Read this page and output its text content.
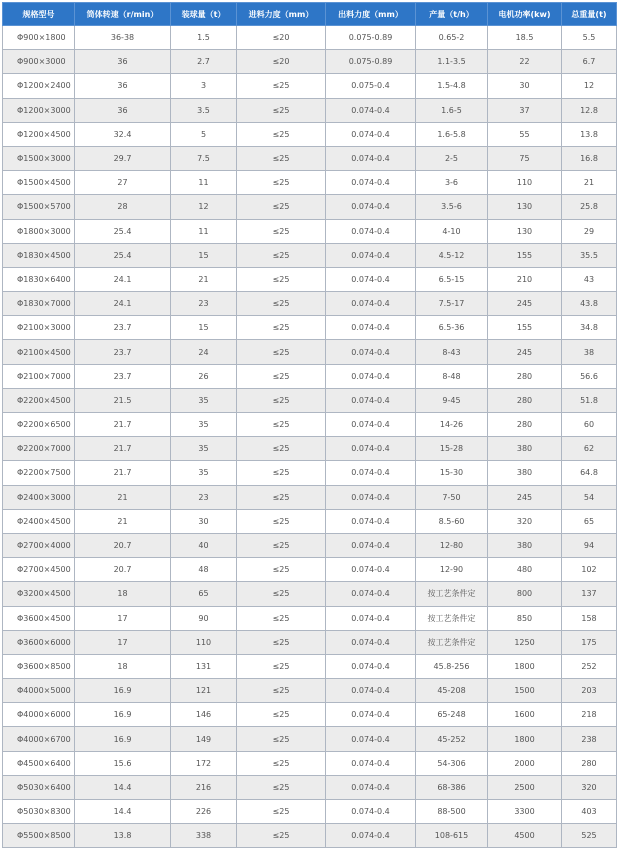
规格型号	筒体转速（r/min）	装球量（t）	进料力度（mm）	出料力度（mm）	产量（t/h）	电机功率(kw)	总重量(t)
Φ900×1800	36-38	1.5	≤20	0.075-0.89	0.65-2	18.5	5.5
Φ900×3000	36	2.7	≤20	0.075-0.89	1.1-3.5	22	6.7
Φ1200×2400	36	3	≤25	0.075-0.4	1.5-4.8	30	12
Φ1200×3000	36	3.5	≤25	0.074-0.4	1.6-5	37	12.8
Φ1200×4500	32.4	5	≤25	0.074-0.4	1.6-5.8	55	13.8
Φ1500×3000	29.7	7.5	≤25	0.074-0.4	2-5	75	16.8
Φ1500×4500	27	11	≤25	0.074-0.4	3-6	110	21
Φ1500×5700	28	12	≤25	0.074-0.4	3.5-6	130	25.8
Φ1800×3000	25.4	11	≤25	0.074-0.4	4-10	130	29
Φ1830×4500	25.4	15	≤25	0.074-0.4	4.5-12	155	35.5
Φ1830×6400	24.1	21	≤25	0.074-0.4	6.5-15	210	43
Φ1830×7000	24.1	23	≤25	0.074-0.4	7.5-17	245	43.8
Φ2100×3000	23.7	15	≤25	0.074-0.4	6.5-36	155	34.8
Φ2100×4500	23.7	24	≤25	0.074-0.4	8-43	245	38
Φ2100×7000	23.7	26	≤25	0.074-0.4	8-48	280	56.6
Φ2200×4500	21.5	35	≤25	0.074-0.4	9-45	280	51.8
Φ2200×6500	21.7	35	≤25	0.074-0.4	14-26	280	60
Φ2200×7000	21.7	35	≤25	0.074-0.4	15-28	380	62
Φ2200×7500	21.7	35	≤25	0.074-0.4	15-30	380	64.8
Φ2400×3000	21	23	≤25	0.074-0.4	7-50	245	54
Φ2400×4500	21	30	≤25	0.074-0.4	8.5-60	320	65
Φ2700×4000	20.7	40	≤25	0.074-0.4	12-80	380	94
Φ2700×4500	20.7	48	≤25	0.074-0.4	12-90	480	102
Φ3200×4500	18	65	≤25	0.074-0.4	按工艺条件定	800	137
Φ3600×4500	17	90	≤25	0.074-0.4	按工艺条件定	850	158
Φ3600×6000	17	110	≤25	0.074-0.4	按工艺条件定	1250	175
Φ3600×8500	18	131	≤25	0.074-0.4	45.8-256	1800	252
Φ4000×5000	16.9	121	≤25	0.074-0.4	45-208	1500	203
Φ4000×6000	16.9	146	≤25	0.074-0.4	65-248	1600	218
Φ4000×6700	16.9	149	≤25	0.074-0.4	45-252	1800	238
Φ4500×6400	15.6	172	≤25	0.074-0.4	54-306	2000	280
Φ5030×6400	14.4	216	≤25	0.074-0.4	68-386	2500	320
Φ5030×8300	14.4	226	≤25	0.074-0.4	88-500	3300	403
Φ5500×8500	13.8	338	≤25	0.074-0.4	108-615	4500	525
